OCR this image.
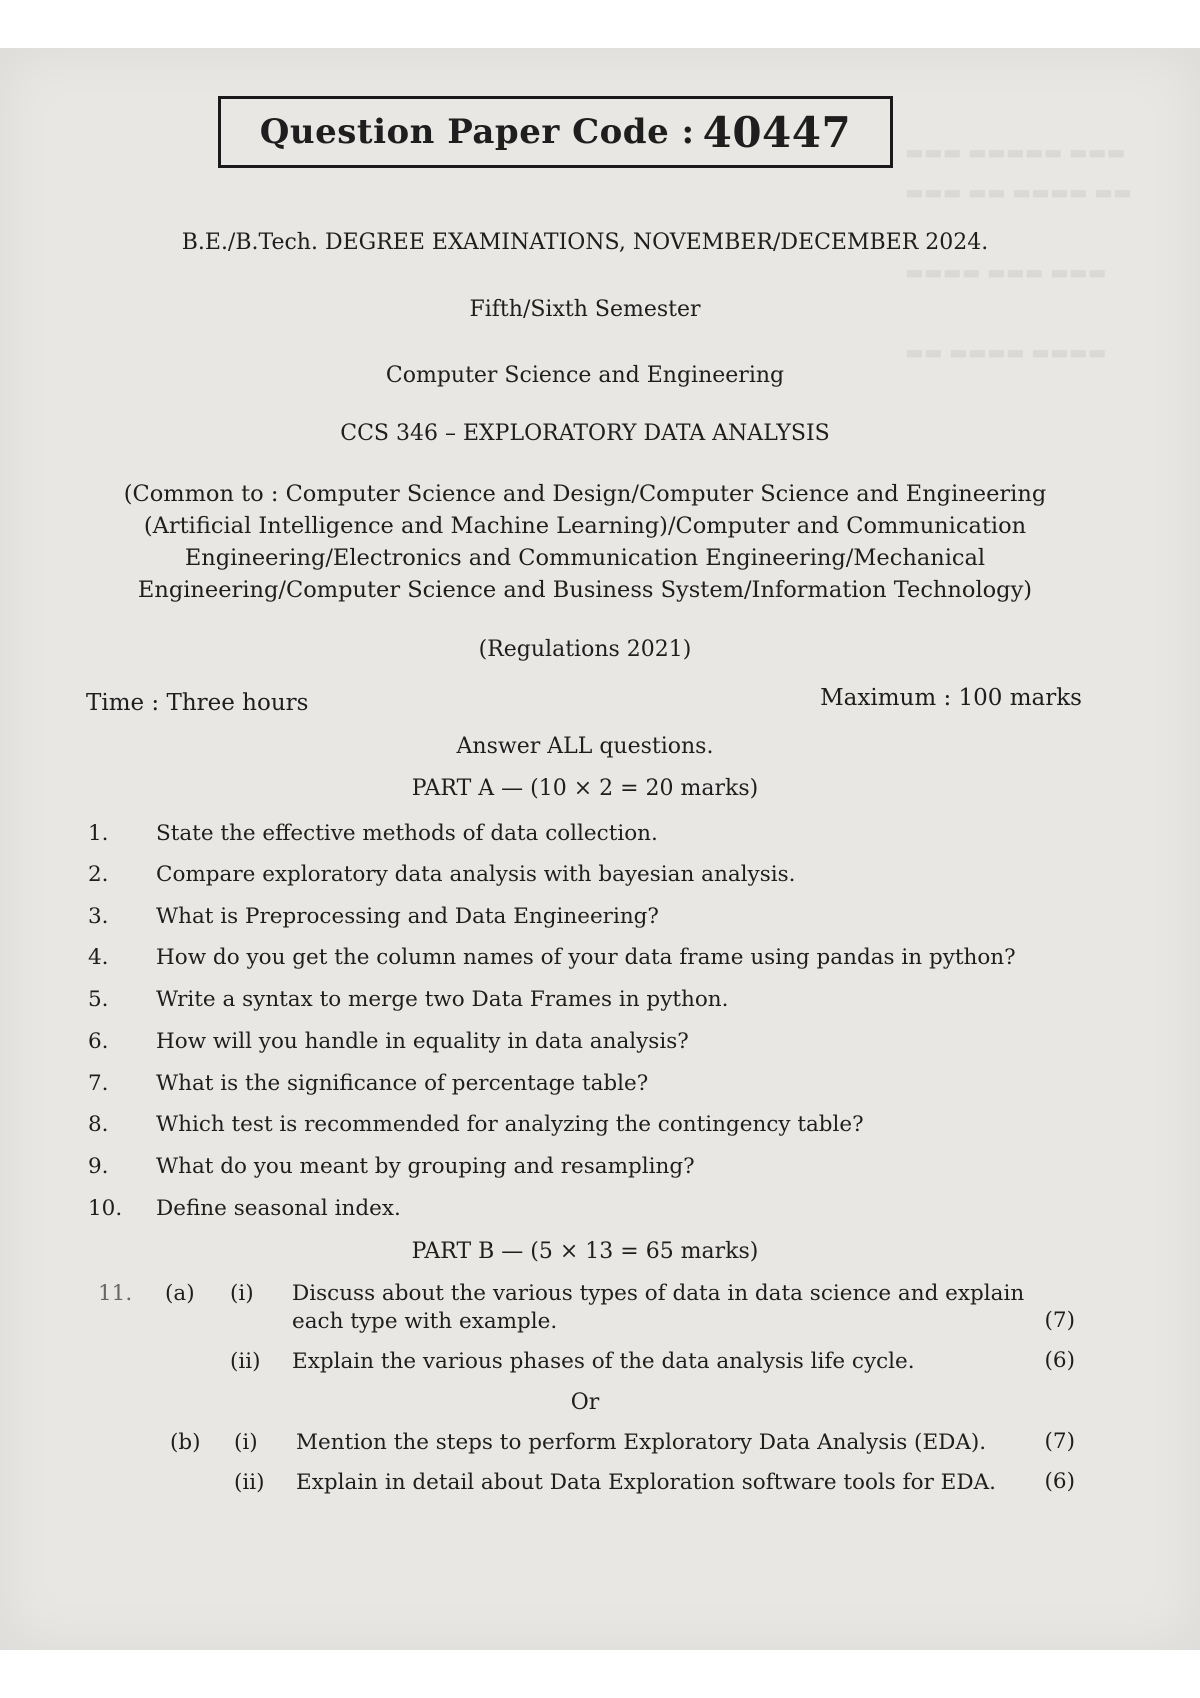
▬▬▬ ▬▬▬▬▬ ▬▬▬
▬▬▬ ▬▬ ▬▬▬▬ ▬▬
▬▬▬▬ ▬▬▬ ▬▬▬
▬▬ ▬▬▬▬ ▬▬▬▬
Question Paper Code : 40447
B.E./B.Tech. DEGREE EXAMINATIONS, NOVEMBER/DECEMBER 2024.
Fifth/Sixth Semester
Computer Science and Engineering
CCS 346 – EXPLORATORY DATA ANALYSIS
(Common to : Computer Science and Design/Computer Science and Engineering (Artificial Intelligence and Machine Learning)/Computer and Communication Engineering/Electronics and Communication Engineering/Mechanical Engineering/Computer Science and Business System/Information Technology)
(Regulations 2021)
Time : Three hours	Maximum : 100 marks
Answer ALL questions.
PART A — (10 × 2 = 20 marks)
1. State the effective methods of data collection.
2. Compare exploratory data analysis with bayesian analysis.
3. What is Preprocessing and Data Engineering?
4. How do you get the column names of your data frame using pandas in python?
5. Write a syntax to merge two Data Frames in python.
6. How will you handle in equality in data analysis?
7. What is the significance of percentage table?
8. Which test is recommended for analyzing the contingency table?
9. What do you meant by grouping and resampling?
10. Define seasonal index.
PART B — (5 × 13 = 65 marks)
11. (a) (i) Discuss about the various types of data in data science and explain each type with example.	(7)
(ii) Explain the various phases of the data analysis life cycle.	(6)
Or
(b) (i) Mention the steps to perform Exploratory Data Analysis (EDA).	(7)
(ii) Explain in detail about Data Exploration software tools for EDA.	(6)
